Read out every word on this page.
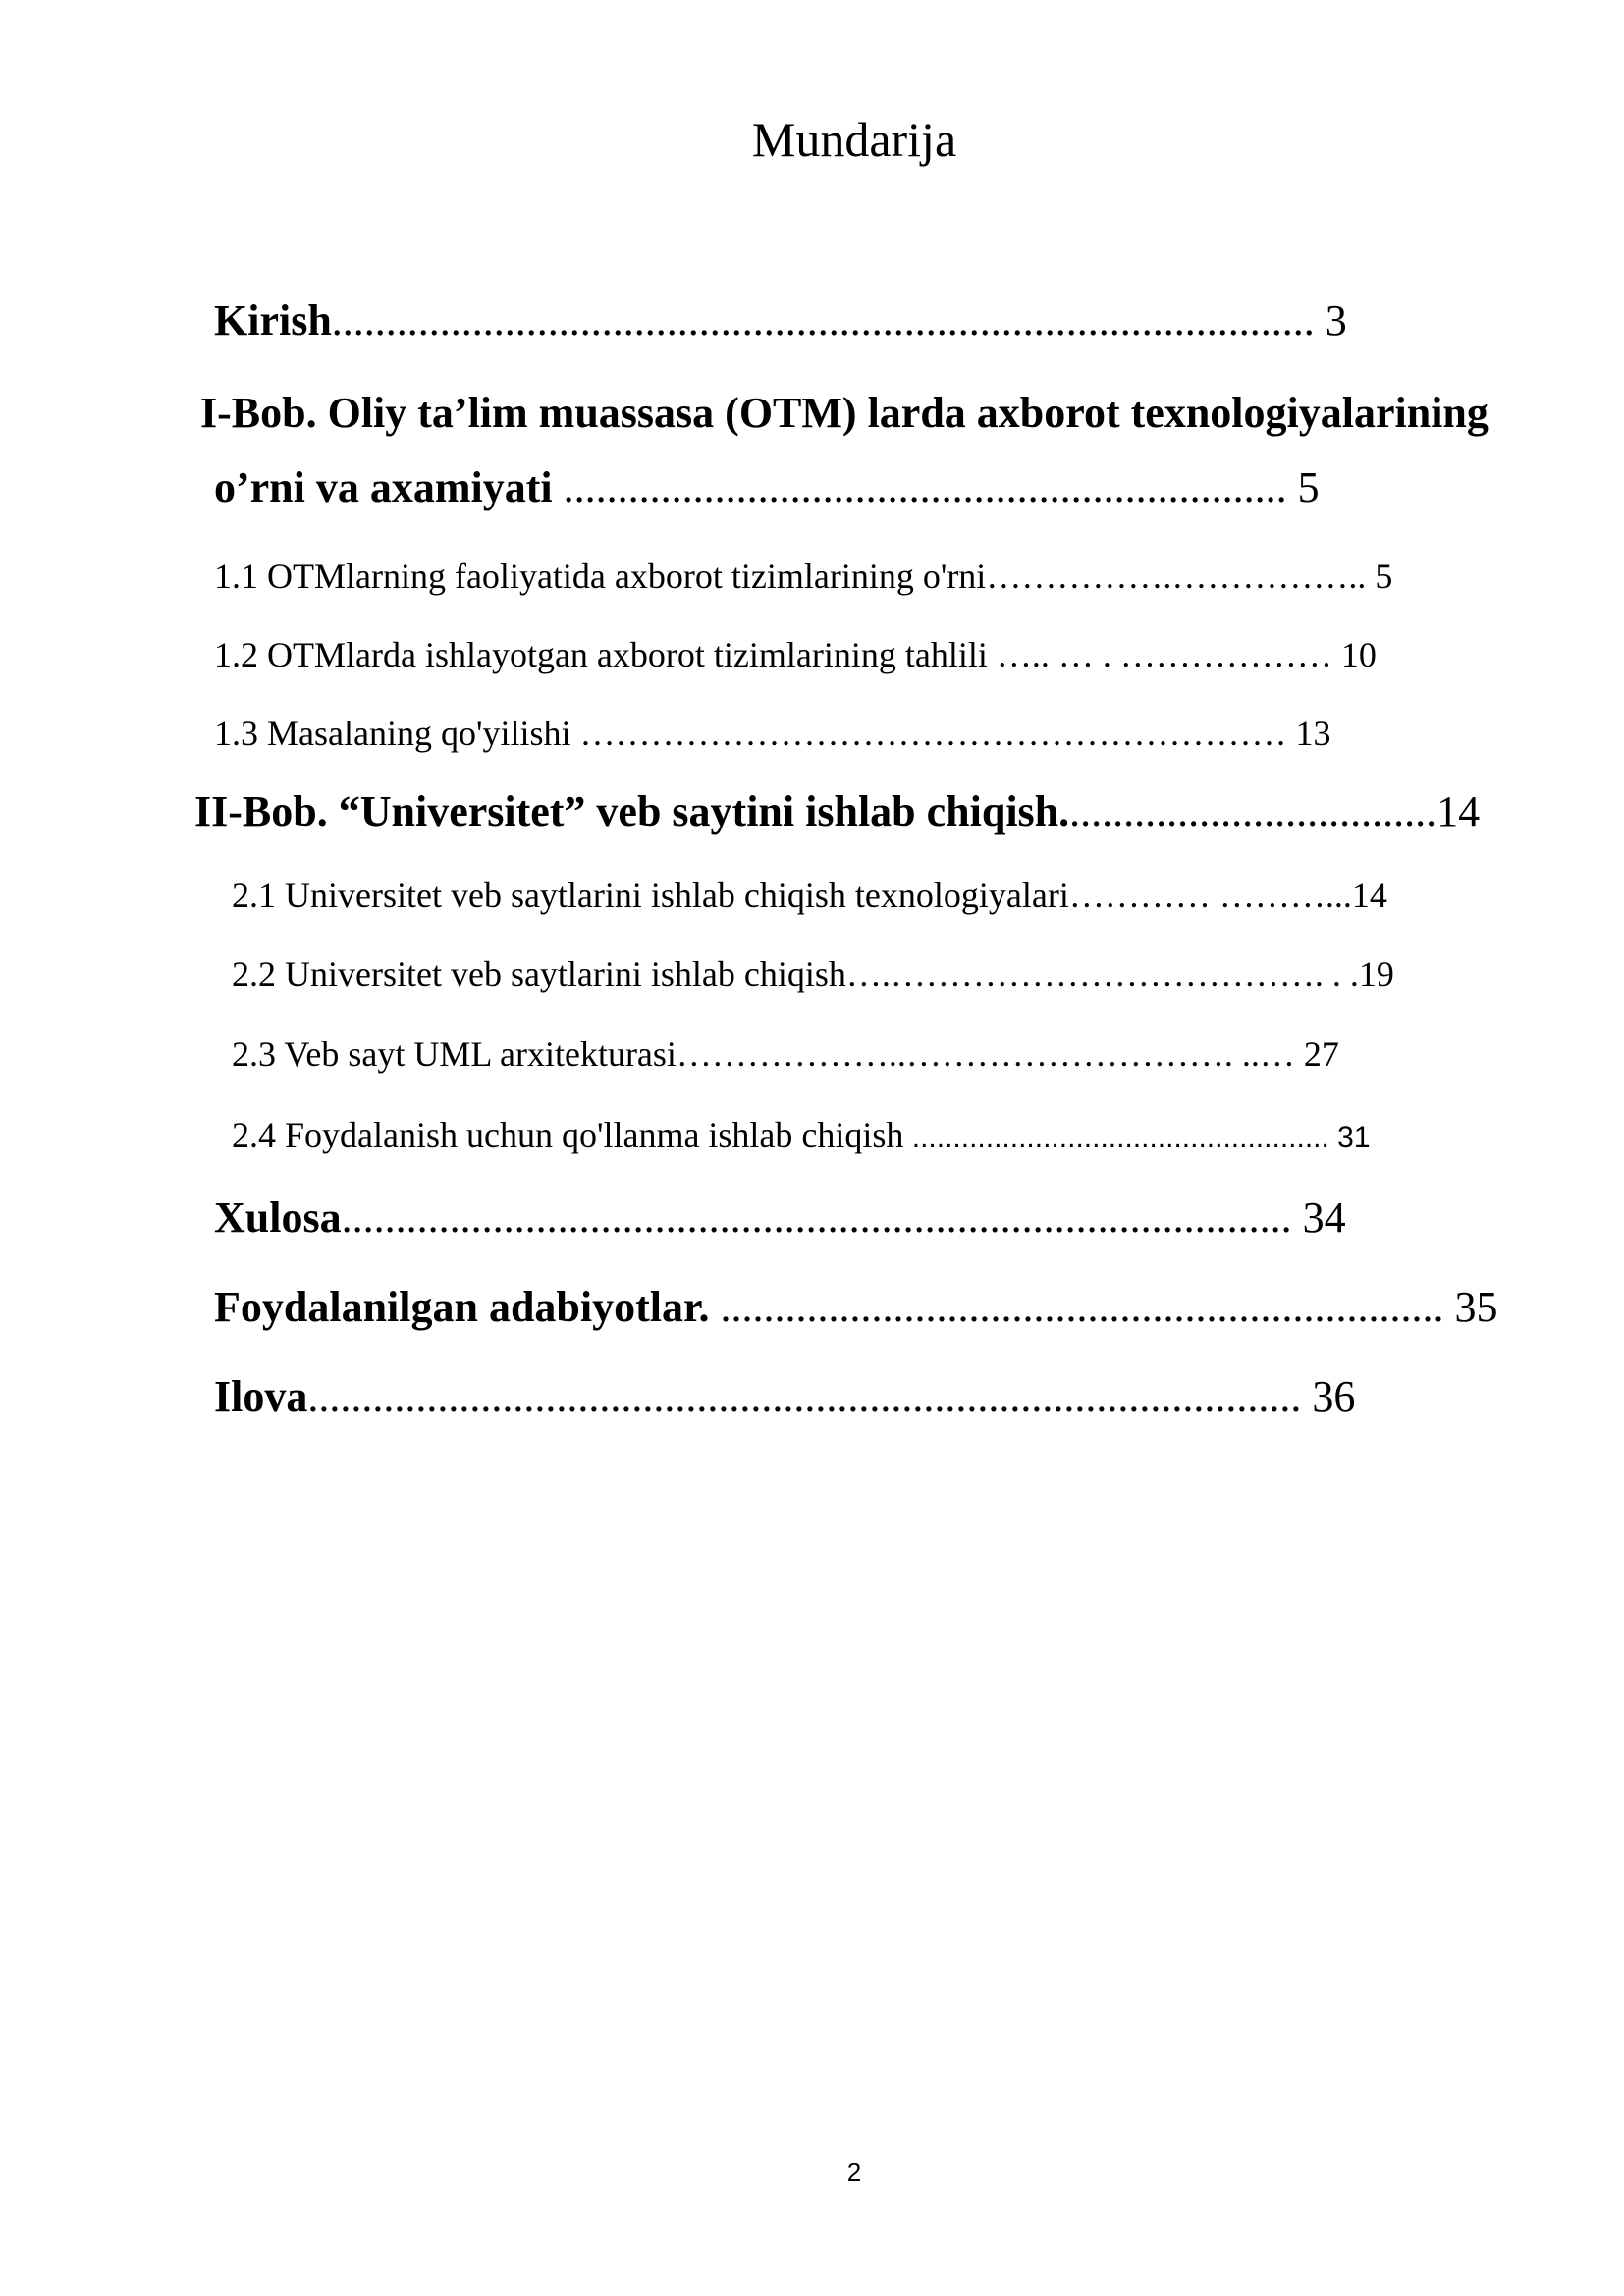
Mundarija
Kirish........................................................................................... 3
I-Bob. Oliy ta’lim muassasa (OTM) larda axborot texnologiyalarining
o’rni va axamiyati ................................................................... 5
1.1 OTMlarning faoliyatida axborot tizimlarining o'rni…………….…………….. 5
1.2 OTMlarda ishlayotgan axborot tizimlarining tahlili ….. … . ……………… 10
1.3 Masalaning qo'yilishi …………………………………………………… 13
II-Bob. “Universitet” veb saytini ishlab chiqish...................................14
2.1 Universitet veb saytlarini ishlab chiqish texnologiyalari………… ………...14
2.2 Universitet veb saytlarini ishlab chiqish….………………………………. . .19
2.3 Veb sayt UML arxitekturasi………………..………………………. ..… 27
2.4 Foydalanish uchun qo'llanma ishlab chiqish ................................................... 31
Xulosa........................................................................................ 34
Foydalanilgan adabiyotlar. ................................................................... 35
Ilova............................................................................................ 36
2
